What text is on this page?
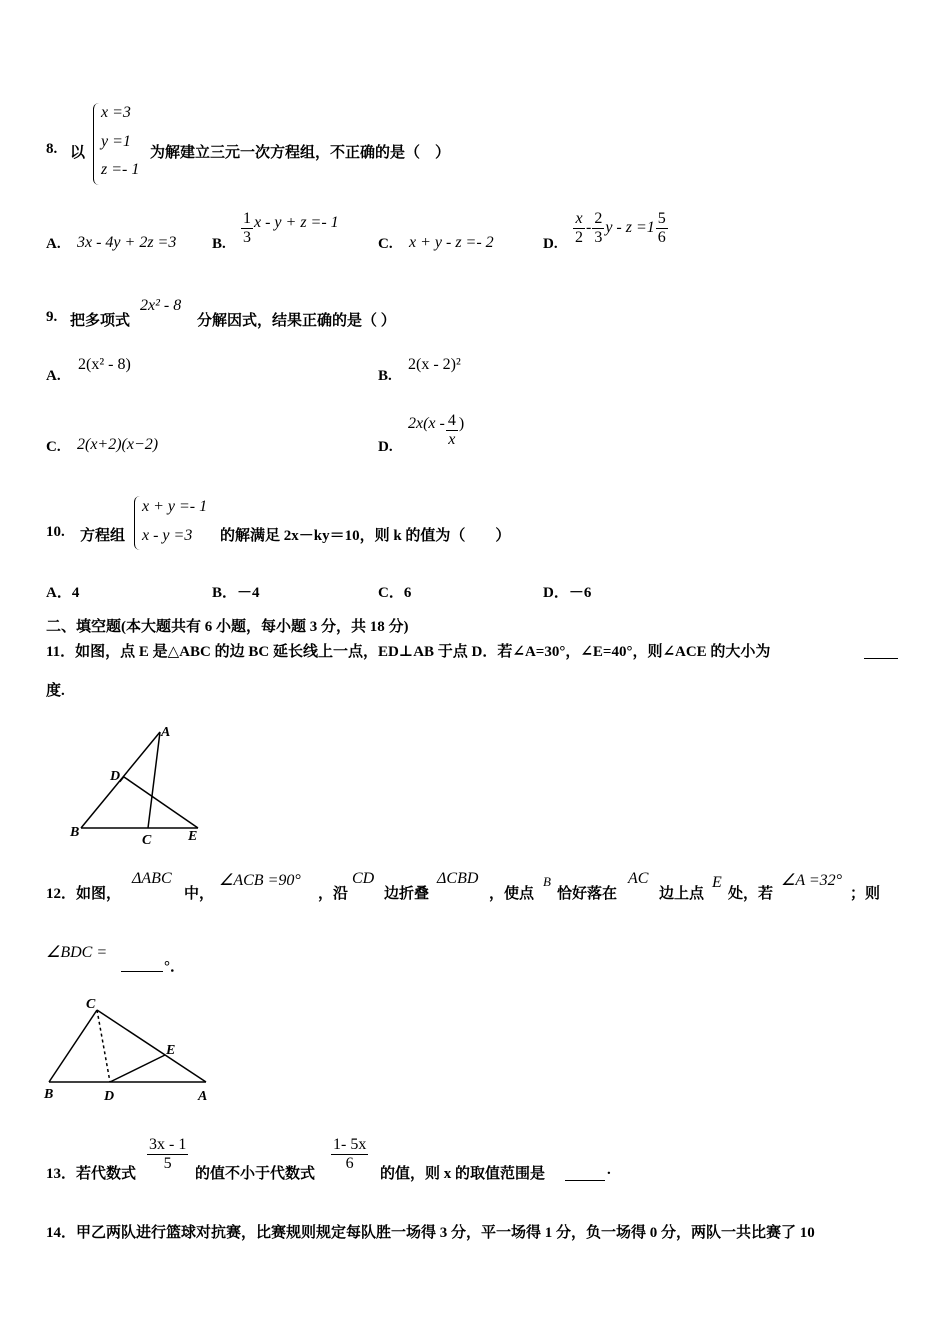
8. 以
x =3
y =1
z =- 1
为解建立三元一次方程组，不正确的是（　）
A. 3x - 4y + 2z =3 B. $\frac{1}{3}$ x - y + z =- 1
C. x + y - z =- 2	D. $\frac{x}{2} - \frac{2}{3}$ $y - z =1 \frac{5}{6}$
9. 把多项式
2x² - 8
分解因式，结果正确的是（ ）
A.
2(x² - 8)
B.
2(x - 2)²
C. 2(x+2)(x−2)	D.
$2x(x - \frac{4}{x}$ )
10. 方程组
x + y =- 1
x - y =3 的解满足 2x－ky＝10，则 k 的值为（　　）
A．4	B．－4	C．6	D．－6
二、填空题(本大题共有 6 小题，每小题 3 分，共 18 分)
11．如图，点 E 是△ABC 的边 BC 延长线上一点，ED⊥AB 于点 D．若∠A=30°，∠E=40°，则∠ACE 的大小为
度.
A
D
B
C	E
12．如图，
ΔABC
中，
∠ACB =90°
，沿
CD
边折叠
ΔCBD
，使点
B
恰好落在
AC
边上点
E
处，若
∠A =32°
；则
∠BDC =
°．
C
E
B	D	A
13．若代数式
$\frac{3x - 1}{5}$
的值不小于代数式
$\frac{1- 5x}{6}$
的值，则 x 的取值范围是	.
14．甲乙两队进行篮球对抗赛，比赛规则规定每队胜一场得 3 分，平一场得 1 分，负一场得 0 分，两队一共比赛了 10
